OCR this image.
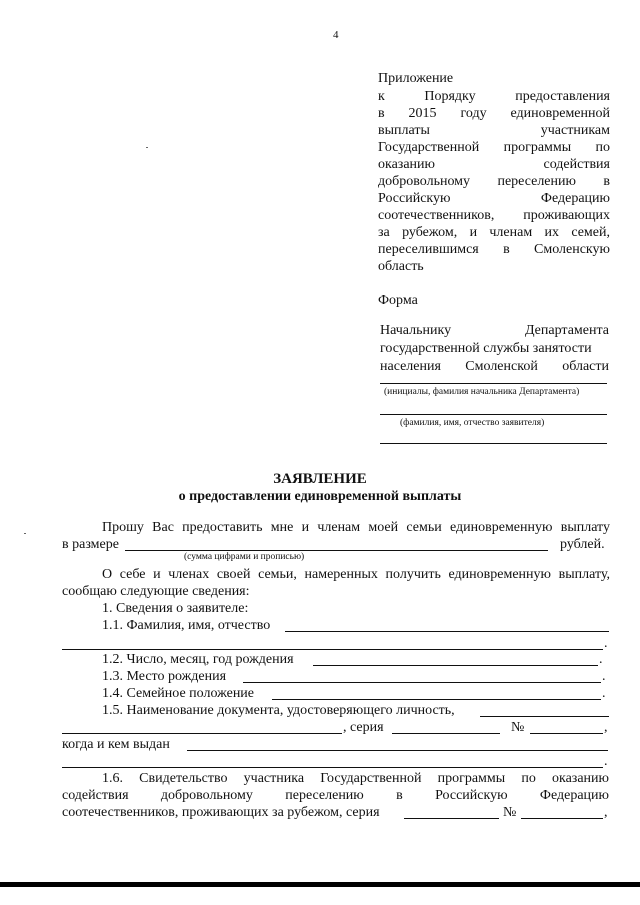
4
Приложение
к Порядку предоставления
в 2015 году единовременной
выплаты участникам
Государственной программы по
оказанию содействия
добровольному переселению в
Российскую Федерацию
соотечественников, проживающих
за рубежом, и членам их семей,
переселившимся в Смоленскую
область
Форма
Начальнику Департамента
государственной службы занятости
населения Смоленской области
(инициалы, фамилия начальника Департамента)
(фамилия, имя, отчество заявителя)
ЗАЯВЛЕНИЕ
о предоставлении единовременной выплаты
Прошу Вас предоставить мне и членам моей семьи единовременную выплату
в размере	рублей.
(сумма цифрами и прописью)
О себе и членах своей семьи, намеренных получить единовременную выплату,
сообщаю следующие сведения:
1. Сведения о заявителе:
1.1. Фамилия, имя, отчество
.
1.2. Число, месяц, год рождения	.
1.3. Место рождения	.
1.4. Семейное положение	.
1.5. Наименование документа, удостоверяющего личность,
, серия	№	,
когда и кем выдан
.
1.6. Свидетельство участника Государственной программы по оказанию
содействия добровольному переселению в Российскую Федерацию
соотечественников, проживающих за рубежом, серия	№	,
